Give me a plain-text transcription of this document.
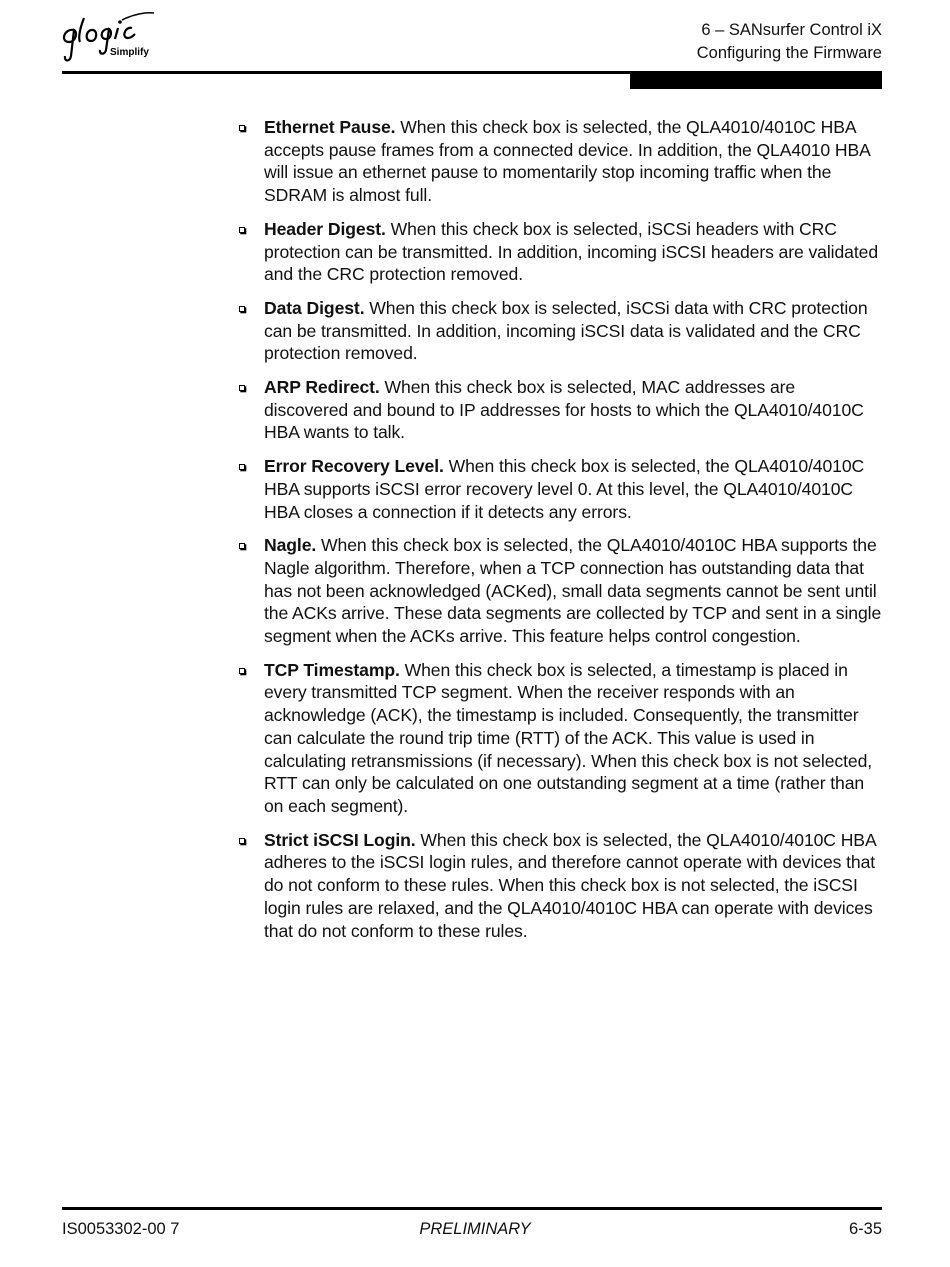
Simplify
6 – SANsurfer Control iX
Configuring the Firmware
Ethernet Pause. When this check box is selected, the QLA4010/4010C HBA accepts pause frames from a connected device. In addition, the QLA4010 HBA will issue an ethernet pause to momentarily stop incoming traffic when the SDRAM is almost full.
Header Digest. When this check box is selected, iSCSi headers with CRC protection can be transmitted. In addition, incoming iSCSI headers are validated and the CRC protection removed.
Data Digest. When this check box is selected, iSCSi data with CRC protection can be transmitted. In addition, incoming iSCSI data is validated and the CRC protection removed.
ARP Redirect. When this check box is selected, MAC addresses are discovered and bound to IP addresses for hosts to which the QLA4010/4010C HBA wants to talk.
Error Recovery Level. When this check box is selected, the QLA4010/4010C HBA supports iSCSI error recovery level 0. At this level, the QLA4010/4010C HBA closes a connection if it detects any errors.
Nagle. When this check box is selected, the QLA4010/4010C HBA supports the Nagle algorithm. Therefore, when a TCP connection has outstanding data that has not been acknowledged (ACKed), small data segments cannot be sent until the ACKs arrive. These data segments are collected by TCP and sent in a single segment when the ACKs arrive. This feature helps control congestion.
TCP Timestamp. When this check box is selected, a timestamp is placed in every transmitted TCP segment. When the receiver responds with an acknowledge (ACK), the timestamp is included. Consequently, the transmitter can calculate the round trip time (RTT) of the ACK. This value is used in calculating retransmissions (if necessary). When this check box is not selected, RTT can only be calculated on one outstanding segment at a time (rather than on each segment).
Strict iSCSI Login. When this check box is selected, the QLA4010/4010C HBA adheres to the iSCSI login rules, and therefore cannot operate with devices that do not conform to these rules. When this check box is not selected, the iSCSI login rules are relaxed, and the QLA4010/4010C HBA can operate with devices that do not conform to these rules.
IS0053302-00 7	PRELIMINARY	6-35
